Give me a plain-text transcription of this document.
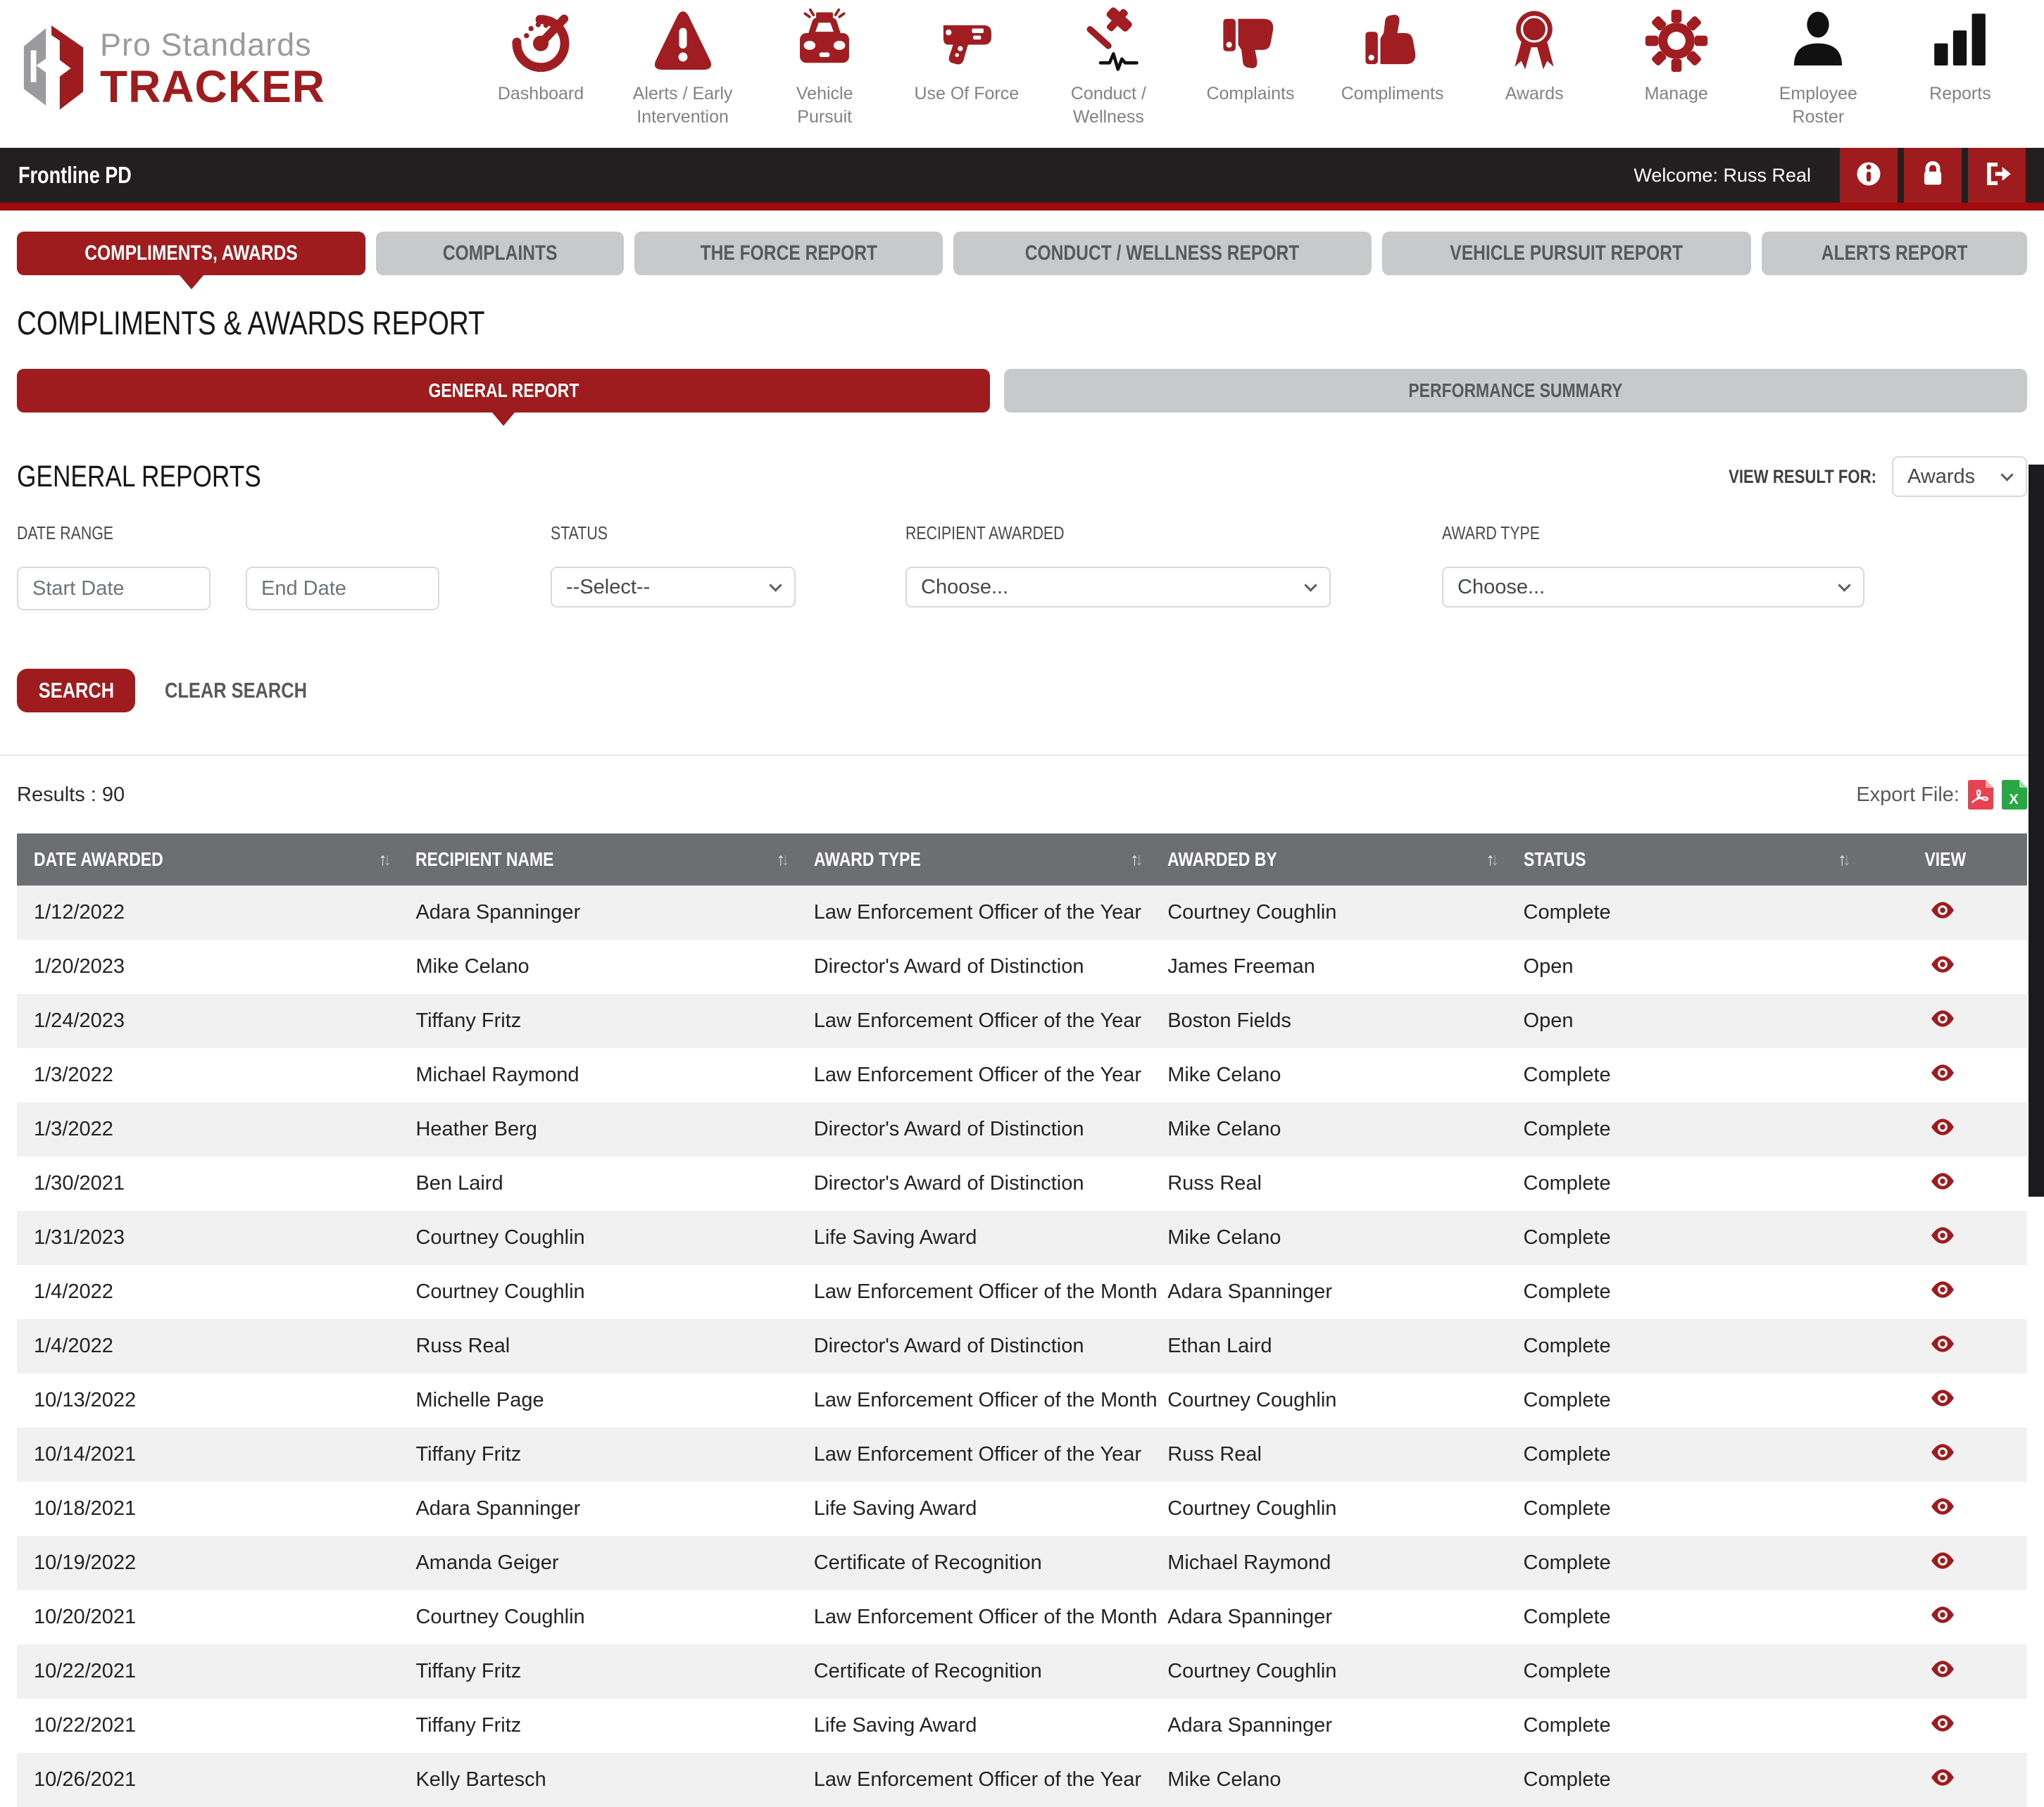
Pro Standards
TRACKER	Dashboard	Alerts / Early Intervention
Vehicle Pursuit
Use Of Force	Conduct / Wellness
Complaints	Compliments	Awards	Manage	Employee Roster
Reports
Frontline PD	Welcome: Russ Real
COMPLIMENTS, AWARDS	COMPLAINTS	THE FORCE REPORT	CONDUCT / WELLNESS REPORT	VEHICLE PURSUIT REPORT	ALERTS REPORT
COMPLIMENTS & AWARDS REPORT
GENERAL REPORT	PERFORMANCE SUMMARY
GENERAL REPORTS	VIEW RESULT FOR: Awards
DATE RANGE
Start Date
End Date	STATUS
--Select--
RECIPIENT AWARDED
Choose...
AWARD TYPE
Choose...
SEARCH CLEAR SEARCH
Results : 90	Export File:	X
DATE AWARDED ↑↓	RECIPIENT NAME ↑↓	AWARD TYPE ↑↓	AWARDED BY ↑↓	STATUS ↑↓	VIEW

1/12/2022	Adara Spanninger	Law Enforcement Officer of the Year	Courtney Coughlin	Complete	
1/20/2023	Mike Celano	Director's Award of Distinction	James Freeman	Open	
1/24/2023	Tiffany Fritz	Law Enforcement Officer of the Year	Boston Fields	Open	
1/3/2022	Michael Raymond	Law Enforcement Officer of the Year	Mike Celano	Complete	
1/3/2022	Heather Berg	Director's Award of Distinction	Mike Celano	Complete	
1/30/2021	Ben Laird	Director's Award of Distinction	Russ Real	Complete	
1/31/2023	Courtney Coughlin	Life Saving Award	Mike Celano	Complete	
1/4/2022	Courtney Coughlin	Law Enforcement Officer of the Month	Adara Spanninger	Complete	
1/4/2022	Russ Real	Director's Award of Distinction	Ethan Laird	Complete	
10/13/2022	Michelle Page	Law Enforcement Officer of the Month	Courtney Coughlin	Complete	
10/14/2021	Tiffany Fritz	Law Enforcement Officer of the Year	Russ Real	Complete	
10/18/2021	Adara Spanninger	Life Saving Award	Courtney Coughlin	Complete	
10/19/2022	Amanda Geiger	Certificate of Recognition	Michael Raymond	Complete	
10/20/2021	Courtney Coughlin	Law Enforcement Officer of the Month	Adara Spanninger	Complete	
10/22/2021	Tiffany Fritz	Certificate of Recognition	Courtney Coughlin	Complete	
10/22/2021	Tiffany Fritz	Life Saving Award	Adara Spanninger	Complete	
10/26/2021	Kelly Bartesch	Law Enforcement Officer of the Year	Mike Celano	Complete	
